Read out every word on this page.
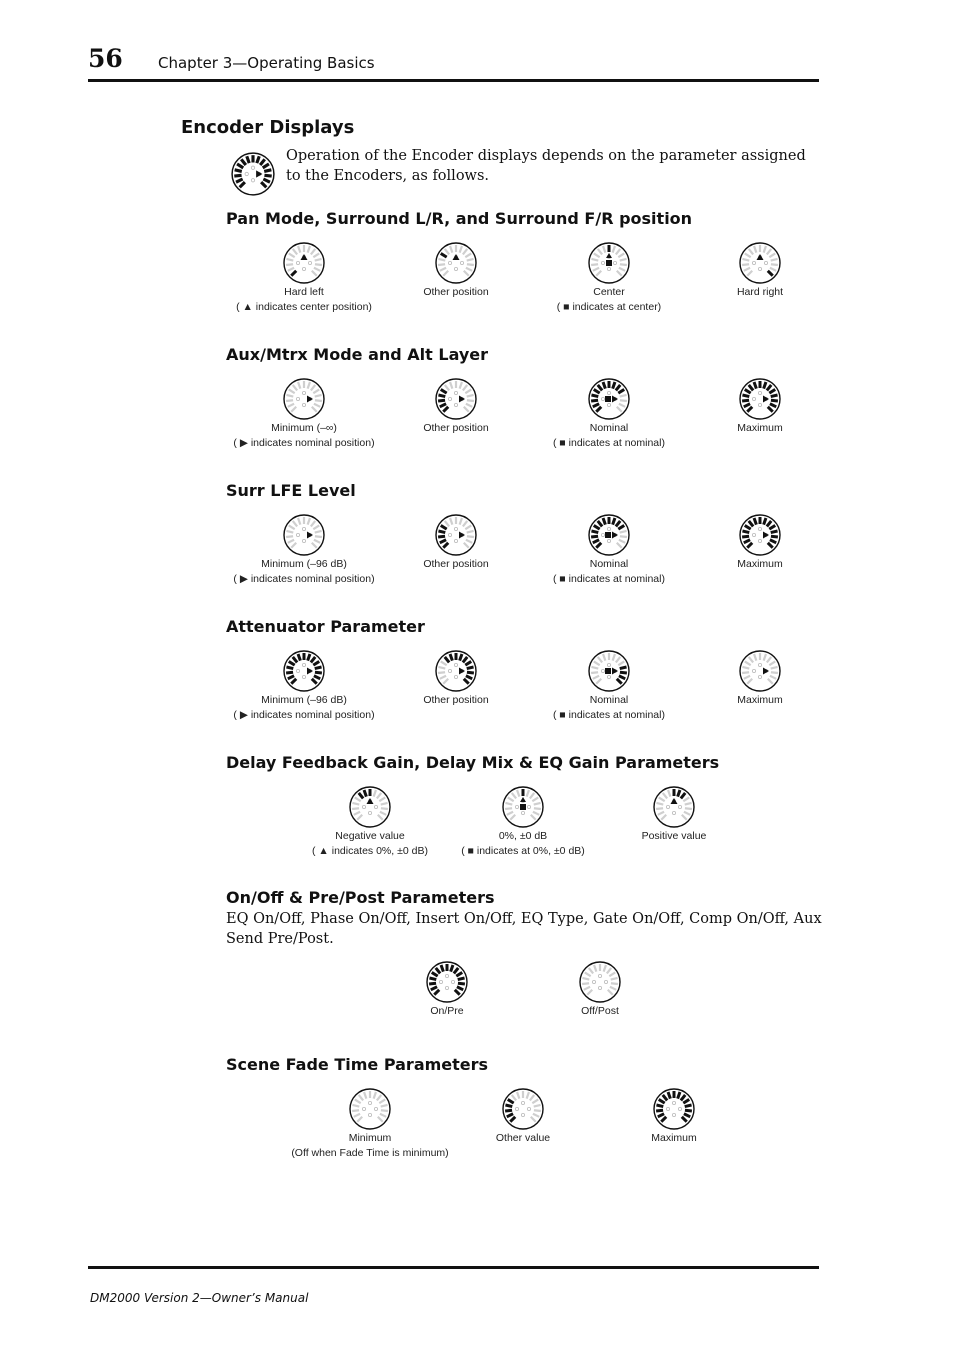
56 Chapter 3—Operating Basics
Encoder Displays
Operation of the Encoder displays depends on the parameter assigned to the Encoders, as follows.
Pan Mode, Surround L/R, and Surround F/R position
Aux/Mtrx Mode and Alt Layer
Surr LFE Level
Attenuator Parameter
Delay Feedback Gain, Delay Mix & EQ Gain Parameters
On/Off & Pre/Post Parameters
EQ On/Off, Phase On/Off, Insert On/Off, EQ Type, Gate On/Off, Comp On/Off, Aux Send Pre/Post.
Scene Fade Time Parameters
Hard left
( ▲ indicates center position)
Other position	Center
( ■ indicates at center)
Hard right
Minimum (–∞)
( ▶ indicates nominal position)
Other position	Nominal
( ■ indicates at nominal)
Maximum
Minimum (–96 dB)
( ▶ indicates nominal position)
Other position	Nominal
( ■ indicates at nominal)
Maximum
Minimum (–96 dB)
( ▶ indicates nominal position)
Other position	Nominal
( ■ indicates at nominal)
Maximum
Negative value
( ▲ indicates 0%, ±0 dB)
0%, ±0 dB
( ■ indicates at 0%, ±0 dB)
Positive value
On/Pre	Off/Post
Minimum
(Off when Fade Time is minimum)
Other value	Maximum
DM2000 Version 2—Owner’s Manual
